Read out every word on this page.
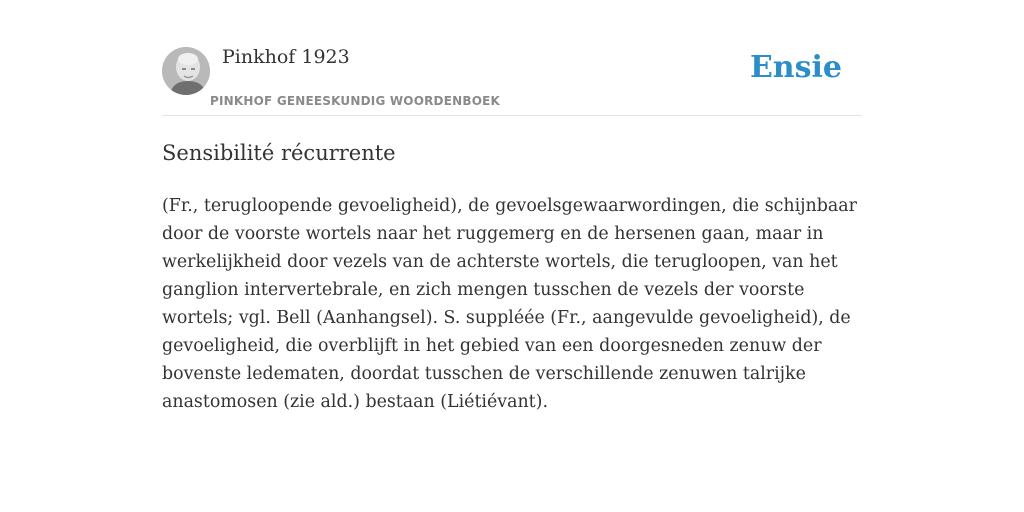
Pinkhof 1923
PINKHOF GENEESKUNDIG WOORDENBOEK
Ensie
Sensibilité récurrente

(Fr., terugloopende gevoeligheid), de gevoelsgewaarwordingen, die schijnbaar door de voorste wortels naar het ruggemerg en de hersenen gaan, maar in werkelijkheid door vezels van de achterste wortels, die terugloopen, van het ganglion intervertebrale, en zich mengen tusschen de vezels der voorste wortels; vgl. Bell (Aanhangsel). S. suppléée (Fr., aangevulde gevoeligheid), de gevoeligheid, die overblijft in het gebied van een doorgesneden zenuw der bovenste ledematen, doordat tusschen de verschillende zenuwen talrijke anastomosen (zie ald.) bestaan (Liétiévant).
